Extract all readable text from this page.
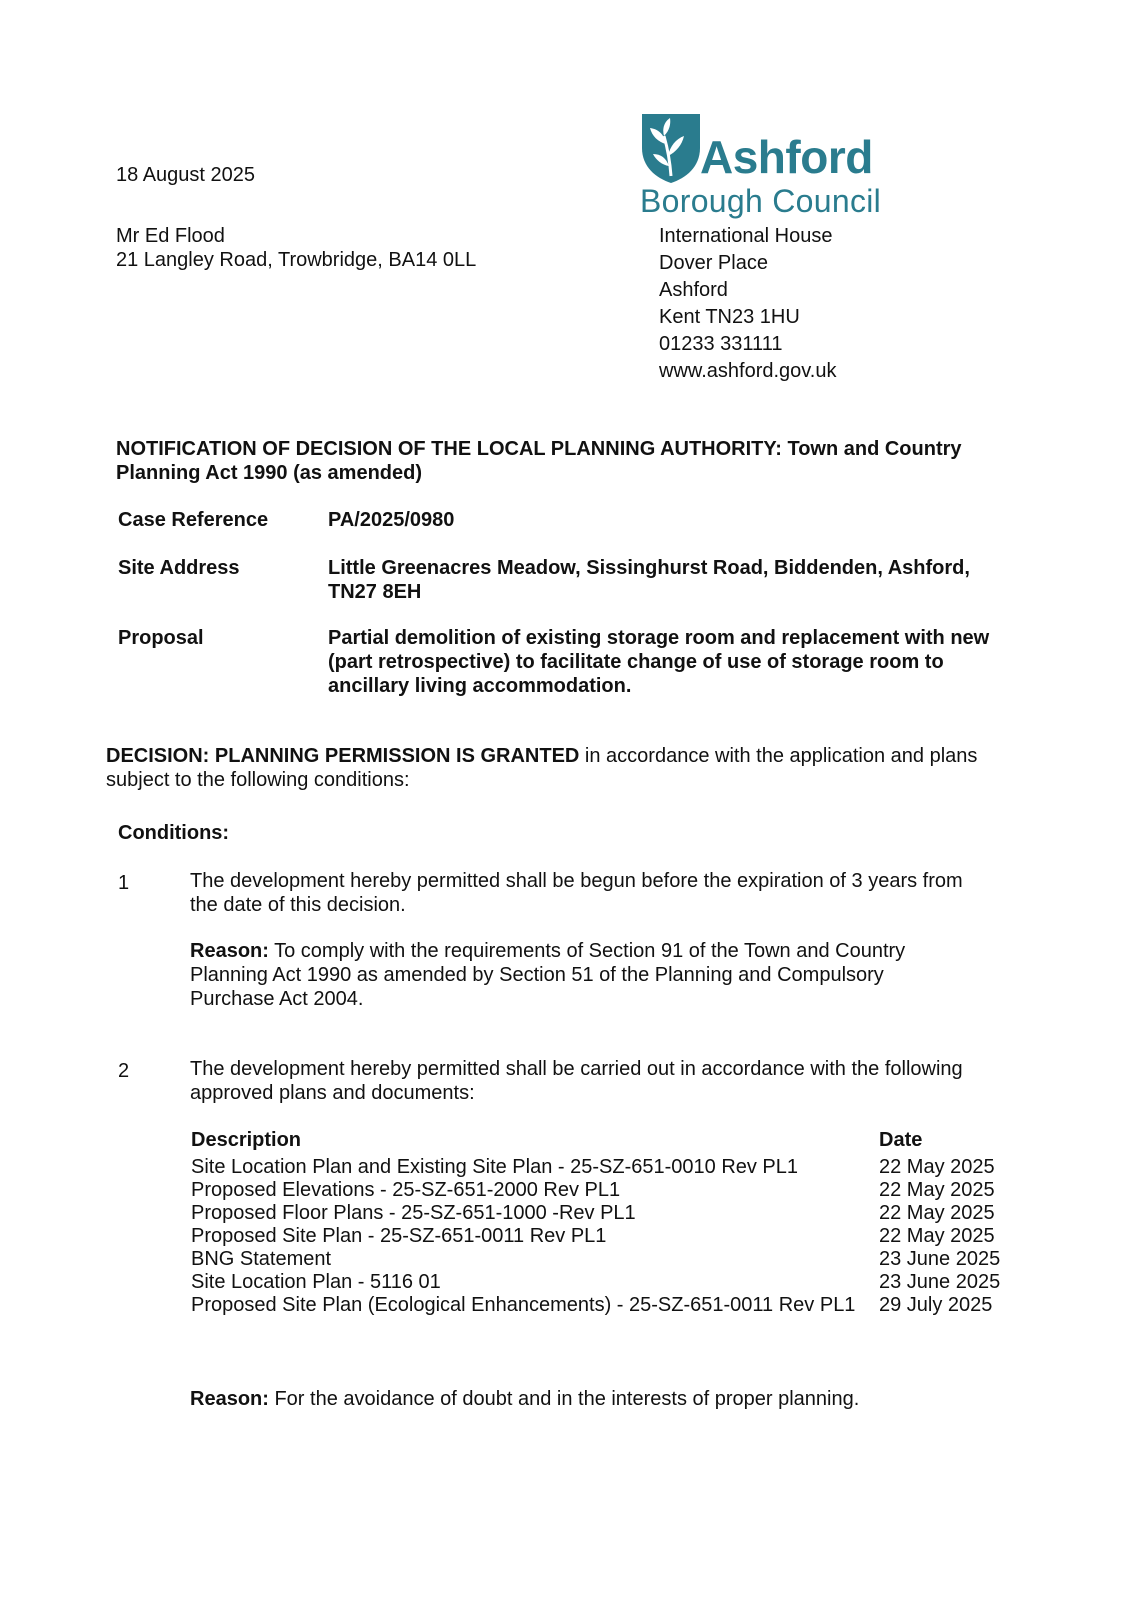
18 August 2025
Mr Ed Flood
21 Langley Road, Trowbridge, BA14 0LL
Ashford
Borough Council
International House
Dover Place
Ashford
Kent TN23 1HU
01233 331111
www.ashford.gov.uk
NOTIFICATION OF DECISION OF THE LOCAL PLANNING AUTHORITY: Town and Country
Planning Act 1990 (as amended)
Case Reference	PA/2025/0980
Site Address	Little Greenacres Meadow, Sissinghurst Road, Biddenden, Ashford,
TN27 8EH
Proposal	Partial demolition of existing storage room and replacement with new
(part retrospective) to facilitate change of use of storage room to
ancillary living accommodation.
DECISION: PLANNING PERMISSION IS GRANTED in accordance with the application and plans
subject to the following conditions:
Conditions:
1	The development hereby permitted shall be begun before the expiration of 3 years from
the date of this decision.
Reason: To comply with the requirements of Section 91 of the Town and Country
Planning Act 1990 as amended by Section 51 of the Planning and Compulsory
Purchase Act 2004.
2	The development hereby permitted shall be carried out in accordance with the following
approved plans and documents:
Description	Date
Site Location Plan and Existing Site Plan - 25-SZ-651-0010 Rev PL1	22 May 2025
Proposed Elevations - 25-SZ-651-2000 Rev PL1	22 May 2025
Proposed Floor Plans - 25-SZ-651-1000 -Rev PL1	22 May 2025
Proposed Site Plan - 25-SZ-651-0011 Rev PL1	22 May 2025
BNG Statement	23 June 2025
Site Location Plan - 5116 01	23 June 2025
Proposed Site Plan (Ecological Enhancements) - 25-SZ-651-0011 Rev PL1	29 July 2025
Reason: For the avoidance of doubt and in the interests of proper planning.
